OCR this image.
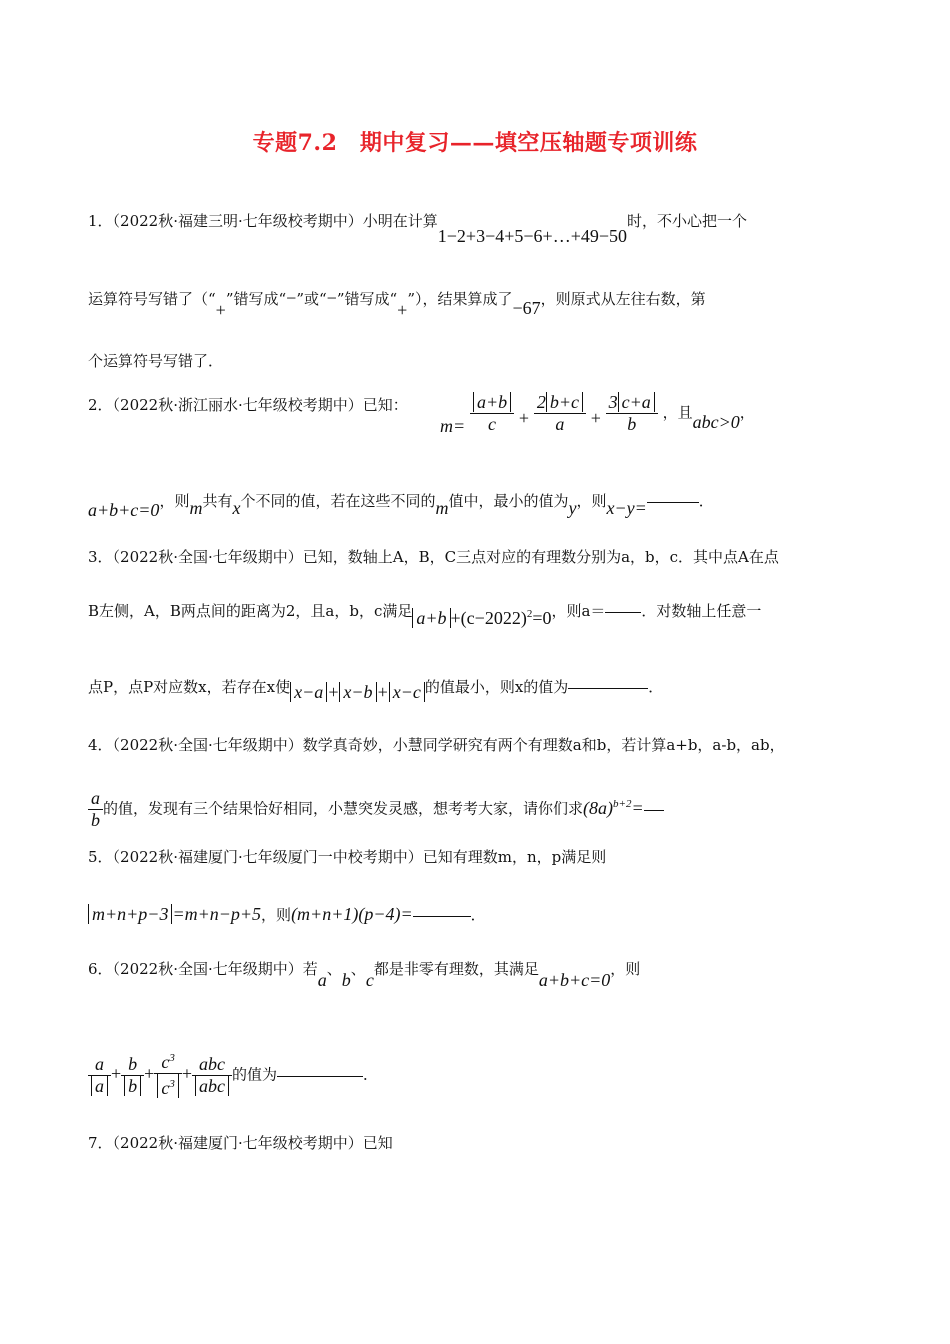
专题7.2　期中复习——填空压轴题专项训练
1．（2022秋·福建三明·七年级校考期中）小明在计算1−2+3−4+5−6+…+49−50时，不小心把一个
运算符号写错了（“+”错写成“−”或“−”错写成“+”），结果算成了−67，则原式从左往右数，第
个运算符号写错了．
2．（2022秋·浙江丽水·七年级校考期中）已知：
$m= \frac{a+b}{c} + \frac{2 b+c}{a} + \frac{3 c+a}{b}$ ，且abc>0，
a+b+c=0，则m共有x个不同的值，若在这些不同的m值中，最小的值为y，则x−y=	．
3．（2022秋·全国·七年级期中）已知，数轴上A，B，C三点对应的有理数分别为a，b，c．其中点A在点
B左侧，A，B两点间的距离为2，且a，b，c满足 $a+b +(c-2022)^2=0$，则a＝ ．对数轴上任意一
点P，点P对应数x，若存在x使 x−a + x−b + x−c 的值最小，则x的值为	．
4．（2022秋·全国·七年级期中）数学真奇妙，小慧同学研究有两个有理数a和b，若计算a+b，a-b，ab，
$\frac{a}{b}$ 的值，发现有三个结果恰好相同，小慧突发灵感，想考考大家，请你们求$(8a)^{b+2}=$
5．（2022秋·福建厦门·七年级厦门一中校考期中）已知有理数m，n，p满足则
m+n+p−3 =m+n−p+5，则(m+n+1)(p−4)=	．
6．（2022秋·全国·七年级期中）若a、b、c都是非零有理数，其满足a+b+c=0，则
$\frac{a}{a} + \frac{b}{b} + \frac{c^3}{c^3} + \frac{\text{abc}}{\text{abc}}$ 的值为	．
7．（2022秋·福建厦门·七年级校考期中）已知
